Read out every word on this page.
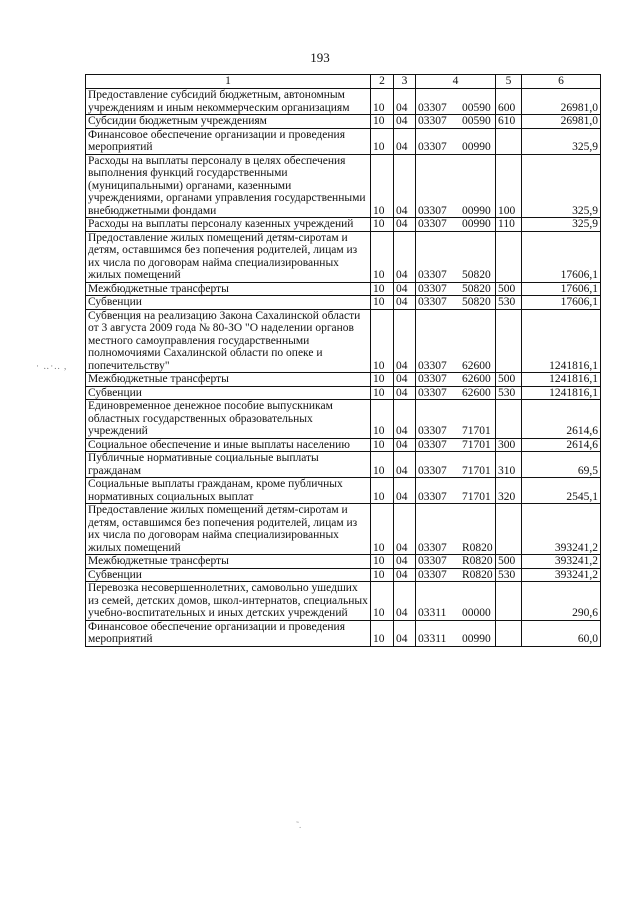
193
1	2	3	4	5	6
Предоставление субсидий бюджетным, автономным учреждениям и иным некоммерческим организациям	10	04	03307 00590	600	26981,0
Субсидии бюджетным учреждениям	10	04	03307 00590	610	26981,0
Финансовое обеспечение организации и проведения мероприятий	10	04	03307 00990		325,9
Расходы на выплаты персоналу в целях обеспечения выполнения функций государственными (муниципальными) органами, казенными учреждениями, органами управления государственными внебюджетными фондами	10	04	03307 00990	100	325,9
Расходы на выплаты персоналу казенных учреждений	10	04	03307 00990	110	325,9
Предоставление жилых помещений детям-сиротам и детям, оставшимся без попечения родителей, лицам из их числа по договорам найма специализированных жилых помещений	10	04	03307 50820		17606,1
Межбюджетные трансферты	10	04	03307 50820	500	17606,1
Субвенции	10	04	03307 50820	530	17606,1
Субвенция на реализацию Закона Сахалинской области от 3 августа 2009 года № 80-ЗО "О наделении органов местного самоуправления государственными полномочиями Сахалинской области по опеке и попечительству"	10	04	03307 62600		1241816,1
Межбюджетные трансферты	10	04	03307 62600	500	1241816,1
Субвенции	10	04	03307 62600	530	1241816,1
Единовременное денежное пособие выпускникам областных государственных образовательных учреждений	10	04	03307 71701		2614,6
Социальное обеспечение и иные выплаты населению	10	04	03307 71701	300	2614,6
Публичные нормативные социальные выплаты гражданам	10	04	03307 71701	310	69,5
Социальные выплаты гражданам, кроме публичных нормативных социальных выплат	10	04	03307 71701	320	2545,1
Предоставление жилых помещений детям-сиротам и детям, оставшимся без попечения родителей, лицам из их числа по договорам найма специализированных жилых помещений	10	04	03307 R0820		393241,2
Межбюджетные трансферты	10	04	03307 R0820	500	393241,2
Субвенции	10	04	03307 R0820	530	393241,2
Перевозка несовершеннолетних, самовольно ушедших из семей, детских домов, школ-интернатов, специальных учебно-воспитательных и иных детских учреждений	10	04	03311 00000		290,6
Финансовое обеспечение организации и проведения мероприятий	10	04	03311 00990		60,0
· ‥·.. ,
˜.
